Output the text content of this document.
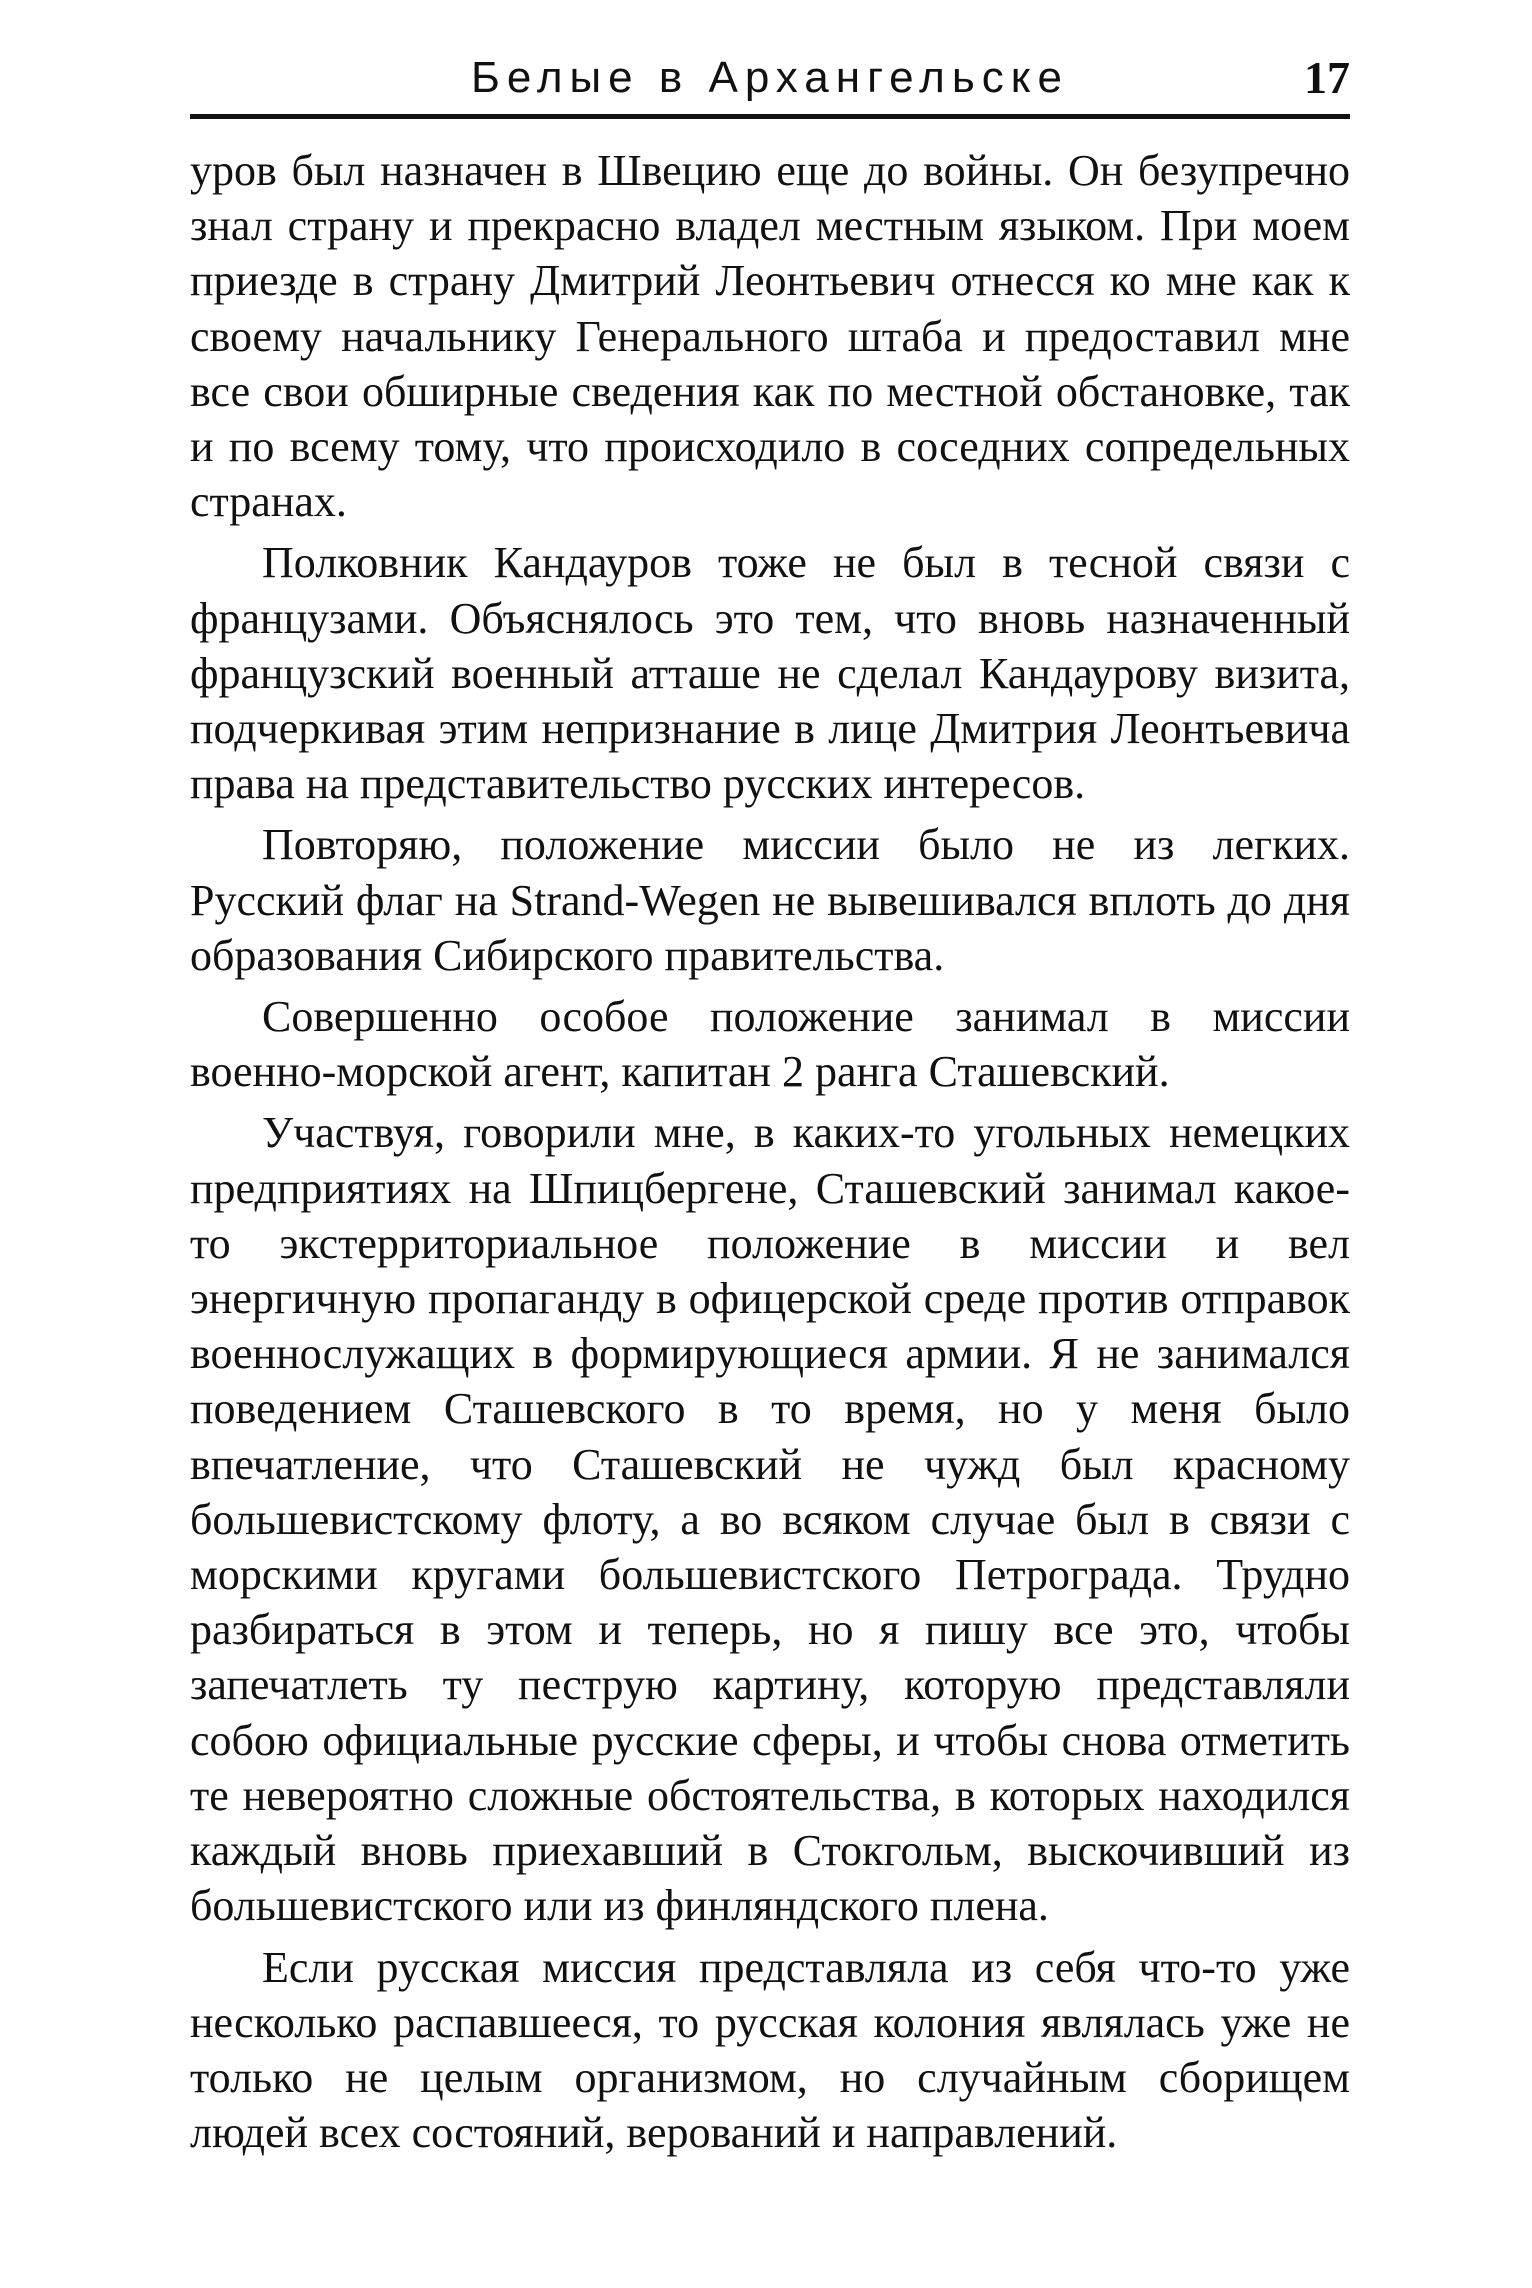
Белые в Архангельске	17

уров был назначен в Швецию еще до войны. Он безупречно знал страну и прекрасно владел местным языком. При моем приезде в страну Дмитрий Леонтьевич отнесся ко мне как к своему начальнику Генерального штаба и предоставил мне все свои обширные сведения как по местной обстановке, так и по всему тому, что происходило в соседних сопредельных странах.

Полковник Кандауров тоже не был в тесной связи с французами. Объяснялось это тем, что вновь назначенный французский военный атташе не сделал Кандаурову визита, подчеркивая этим непризнание в лице Дмитрия Леонтьевича права на представительство русских интересов.

Повторяю, положение миссии было не из легких. Русский флаг на Strand-Wegen не вывешивался вплоть до дня образования Сибирского правительства.

Совершенно особое положение занимал в миссии военно-морской агент, капитан 2 ранга Сташевский.

Участвуя, говорили мне, в каких-то угольных немецких предприятиях на Шпицбергене, Сташевский занимал какое-то экстерриториальное положение в миссии и вел энергичную пропаганду в офицерской среде против отправок военнослужащих в формирующиеся армии. Я не занимался поведением Сташевского в то время, но у меня было впечатление, что Сташевский не чужд был красному большевистскому флоту, а во всяком случае был в связи с морскими кругами большевистского Петрограда. Трудно разбираться в этом и теперь, но я пишу все это, чтобы запечатлеть ту пеструю картину, которую представляли собою официальные русские сферы, и чтобы снова отметить те невероятно сложные обстоятельства, в которых находился каждый вновь приехавший в Стокгольм, выскочивший из большевистского или из финляндского плена.

Если русская миссия представляла из себя что-то уже несколько распавшееся, то русская колония являлась уже не только не целым организмом, но случайным сборищем людей всех состояний, верований и направлений.
